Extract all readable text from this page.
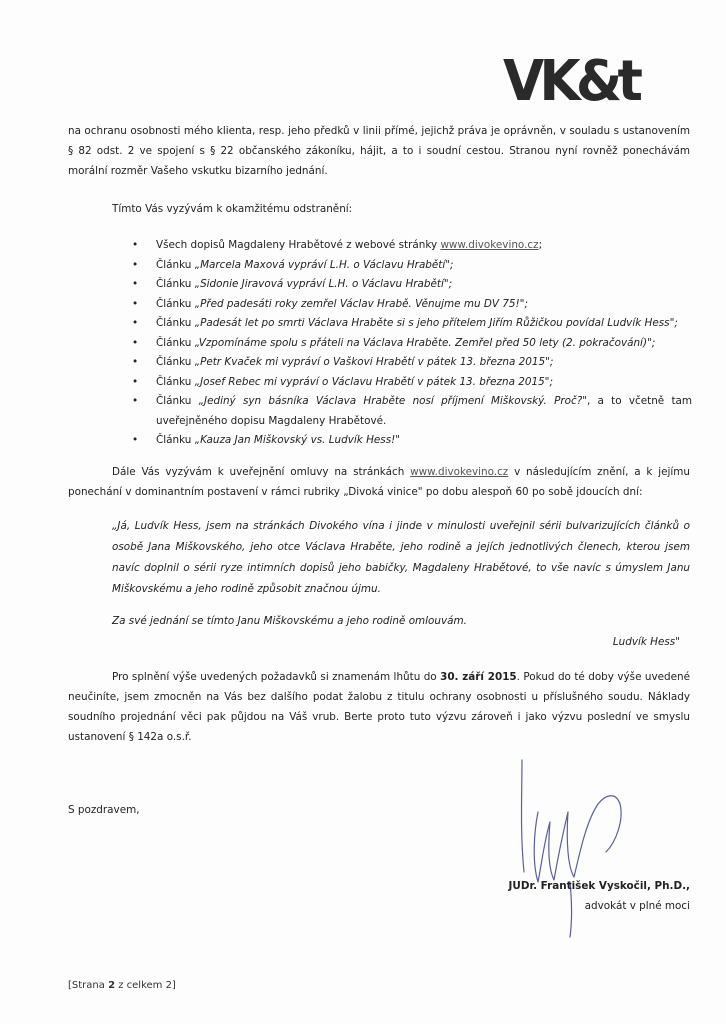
VK&t
na ochranu osobnosti mého klienta, resp. jeho předků v linii přímé, jejichž práva je oprávněn, v souladu s ustanovením § 82 odst. 2 ve spojení s § 22 občanského zákoníku, hájit, a to i soudní cestou. Stranou nyní rovněž ponechávám morální rozměr Vašeho vskutku bizarního jednání.
Tímto Vás vyzývám k okamžitému odstranění:
• Všech dopisů Magdaleny Hrabětové z webové stránky www.divokevino.cz;
• Článku „Marcela Maxová vypráví L.H. o Václavu Hrabětí";
• Článku „Sidonie Jiravová vypráví L.H. o Václavu Hrabětí";
• Článku „Před padesáti roky zemřel Václav Hrabě. Věnujme mu DV 75!";
• Článku „Padesát let po smrti Václava Hraběte si s jeho přítelem Jiřím Růžičkou povídal Ludvík Hess";
• Článku „Vzpomínáme spolu s přáteli na Václava Hraběte. Zemřel před 50 lety (2. pokračování)";
• Článku „Petr Kvaček mi vypráví o Vaškovi Hrabětí v pátek 13. března 2015";
• Článku „Josef Rebec mi vypráví o Václavu Hrabětí v pátek 13. března 2015";
• Článku „Jediný syn básníka Václava Hraběte nosí příjmení Miškovský. Proč?", a to včetně tam uveřejněného dopisu Magdaleny Hrabětové.
• Článku „Kauza Jan Miškovský vs. Ludvík Hess!"
Dále Vás vyzývám k uveřejnění omluvy na stránkách www.divokevino.cz v následujícím znění, a k jejímu ponechání v dominantním postavení v rámci rubriky „Divoká vinice" po dobu alespoň 60 po sobě jdoucích dní:
„Já, Ludvík Hess, jsem na stránkách Divokého vína i jinde v minulosti uveřejnil sérii bulvarizujících článků o osobě Jana Miškovského, jeho otce Václava Hraběte, jeho rodině a jejích jednotlivých členech, kterou jsem navíc doplnil o sérii ryze intimních dopisů jeho babičky, Magdaleny Hrabětové, to vše navíc s úmyslem Janu Miškovskému a jeho rodině způsobit značnou újmu.
Za své jednání se tímto Janu Miškovskému a jeho rodině omlouvám.
Ludvík Hess"
Pro splnění výše uvedených požadavků si znamenám lhůtu do 30. září 2015. Pokud do té doby výše uvedené neučiníte, jsem zmocněn na Vás bez dalšího podat žalobu z titulu ochrany osobnosti u příslušného soudu. Náklady soudního projednání věci pak půjdou na Váš vrub. Berte proto tuto výzvu zároveň i jako výzvu poslední ve smyslu ustanovení § 142a o.s.ř.
S pozdravem,
JUDr. František Vyskočil, Ph.D.,
advokát v plné moci
[Strana 2 z celkem 2]
